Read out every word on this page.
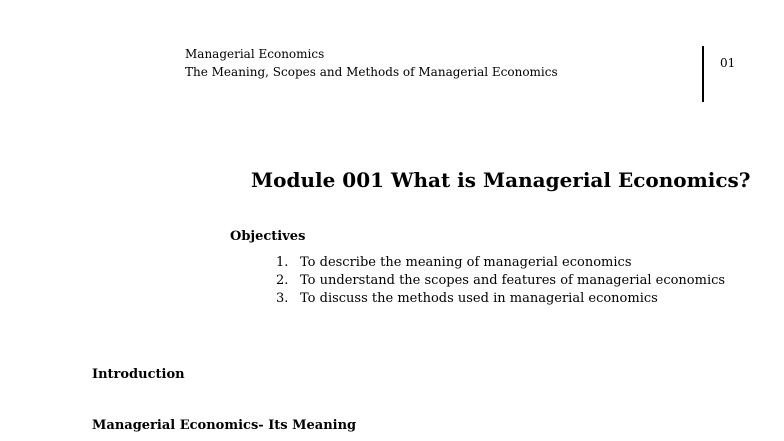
Managerial Economics
The Meaning, Scopes and Methods of Managerial Economics
01
Module 001 What is Managerial Economics?
Objectives
1. To describe the meaning of managerial economics
2. To understand the scopes and features of managerial economics
3. To discuss the methods used in managerial economics
Introduction
Managerial Economics- Its Meaning
